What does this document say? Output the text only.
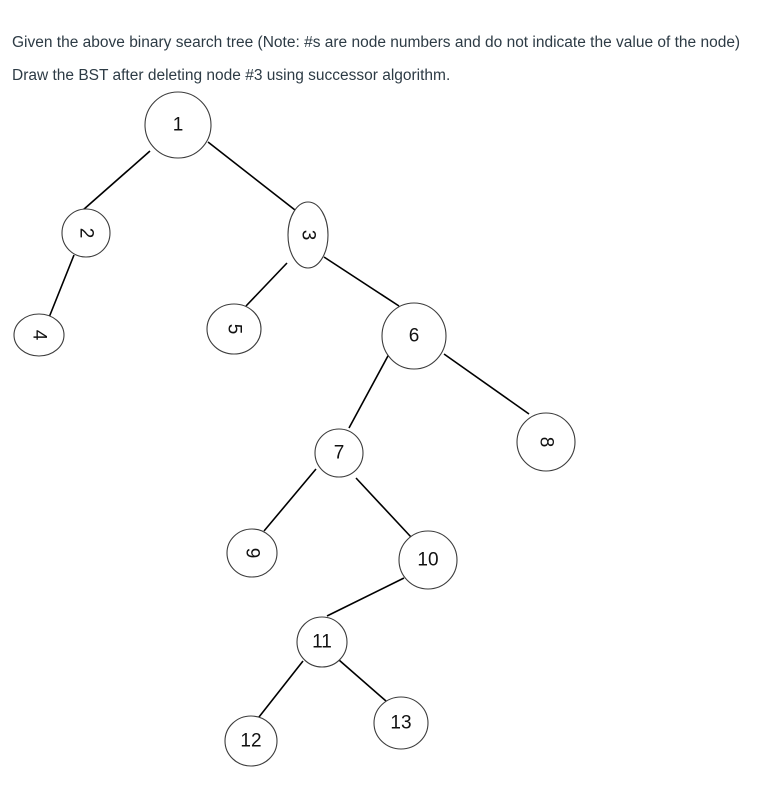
Given the above binary search tree (Note: #s are node numbers and do not indicate the value of the node)

Draw the BST after deleting node #3 using successor algorithm.

1
2	3
4
5	6
7
8
9	10
11
12
13
